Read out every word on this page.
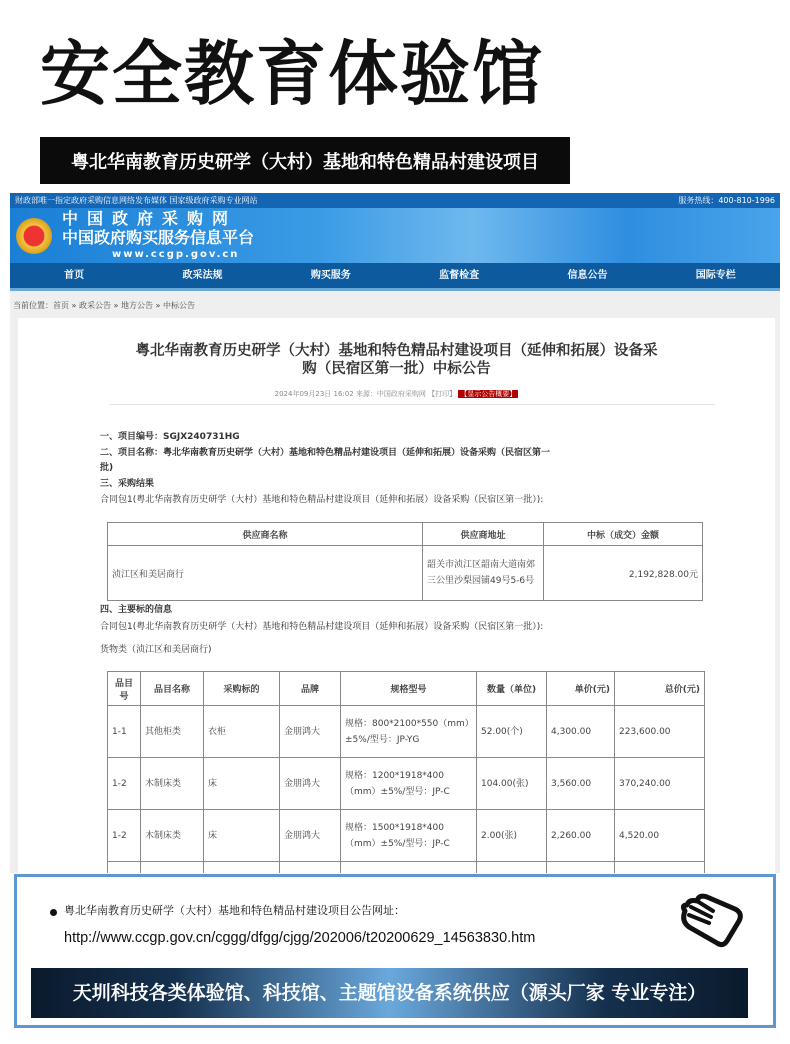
安全教育体验馆
粤北华南教育历史研学（大村）基地和特色精品村建设项目
财政部唯一指定政府采购信息网络发布媒体 国家级政府采购专业网站	服务热线：400-810-1996
中国政府采购网
中国政府购买服务信息平台
www.ccgp.gov.cn
首页	政采法规	购买服务	监督检查	信息公告	国际专栏
当前位置：首页 » 政采公告 » 地方公告 » 中标公告
粤北华南教育历史研学（大村）基地和特色精品村建设项目（延伸和拓展）设备采
购（民宿区第一批）中标公告
2024年09月23日 16:02 来源：中国政府采购网 【打印】 【显示公告概要】
一、项目编号：SGJX240731HG
二、项目名称：粤北华南教育历史研学（大村）基地和特色精品村建设项目（延伸和拓展）设备采购（民宿区第一
批)
三、采购结果
合同包1(粤北华南教育历史研学（大村）基地和特色精品村建设项目（延伸和拓展）设备采购（民宿区第一批）):
供应商名称	供应商地址	中标（成交）金额
浈江区和美居商行	韶关市浈江区韶南大道南郊三公里沙梨园铺49号5-6号	2,192,828.00元
四、主要标的信息
合同包1(粤北华南教育历史研学（大村）基地和特色精品村建设项目（延伸和拓展）设备采购（民宿区第一批）):
货物类（浈江区和美居商行)
品目号	品目名称	采购标的	品牌	规格型号	数量（单位)	单价(元)	总价(元)
1-1	其他柜类	衣柜	金朋鸿大	规格：800*2100*550（mm）±5%/型号：JP-YG	52.00(个)	4,300.00	223,600.00
1-2	木制床类	床	金朋鸿大	规格：1200*1918*400（mm）±5%/型号：JP-C	104.00(张)	3,560.00	370,240.00
1-2	木制床类	床	金朋鸿大	规格：1500*1918*400（mm）±5%/型号：JP-C	2.00(张)	2,260.00	4,520.00

粤北华南教育历史研学（大村）基地和特色精品村建设项目公告网址：
http://www.ccgp.gov.cn/cggg/dfgg/cjgg/202006/t20200629_14563830.htm
天圳科技各类体验馆、科技馆、主题馆设备系统供应（源头厂家 专业专注）
